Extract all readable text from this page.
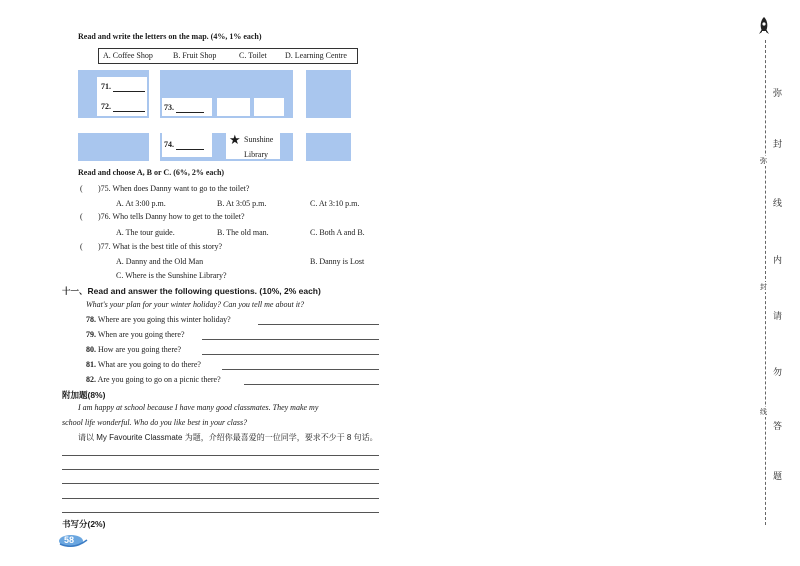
Read and write the letters on the map. (4%, 1% each)
A. Coffee Shop	B. Fruit Shop	C. Toilet D. Learning Centre
71.
72.	73.
74.	★ Sunshine
Library
Read and choose A, B or C. (6%, 2% each)
( )75. When does Danny want to go to the toilet?
A. At 3:00 p.m.	B. At 3:05 p.m.	C. At 3:10 p.m.
( )76. Who tells Danny how to get to the toilet?
A. The tour guide.	B. The old man.	C. Both A and B.
( )77. What is the best title of this story?
A. Danny and the Old Man	B. Danny is Lost
C. Where is the Sunshine Library?
十一、Read and answer the following questions. (10%, 2% each)
What's your plan for your winter holiday? Can you tell me about it?
78. Where are you going this winter holiday?
79. When are you going there?
80. How are you going there?
81. What are you going to do there?
82. Are you going to go on a picnic there?
附加题(8%)
I am happy at school because I have many good classmates. They make my
school life wonderful. Who do you like best in your class?
请以 My Favourite Classmate 为题，介绍你最喜爱的一位同学，要求不少于 8 句话。
书写分(2%)
58
弥
封
线
内
请
勿
答
题
弥
封
线
